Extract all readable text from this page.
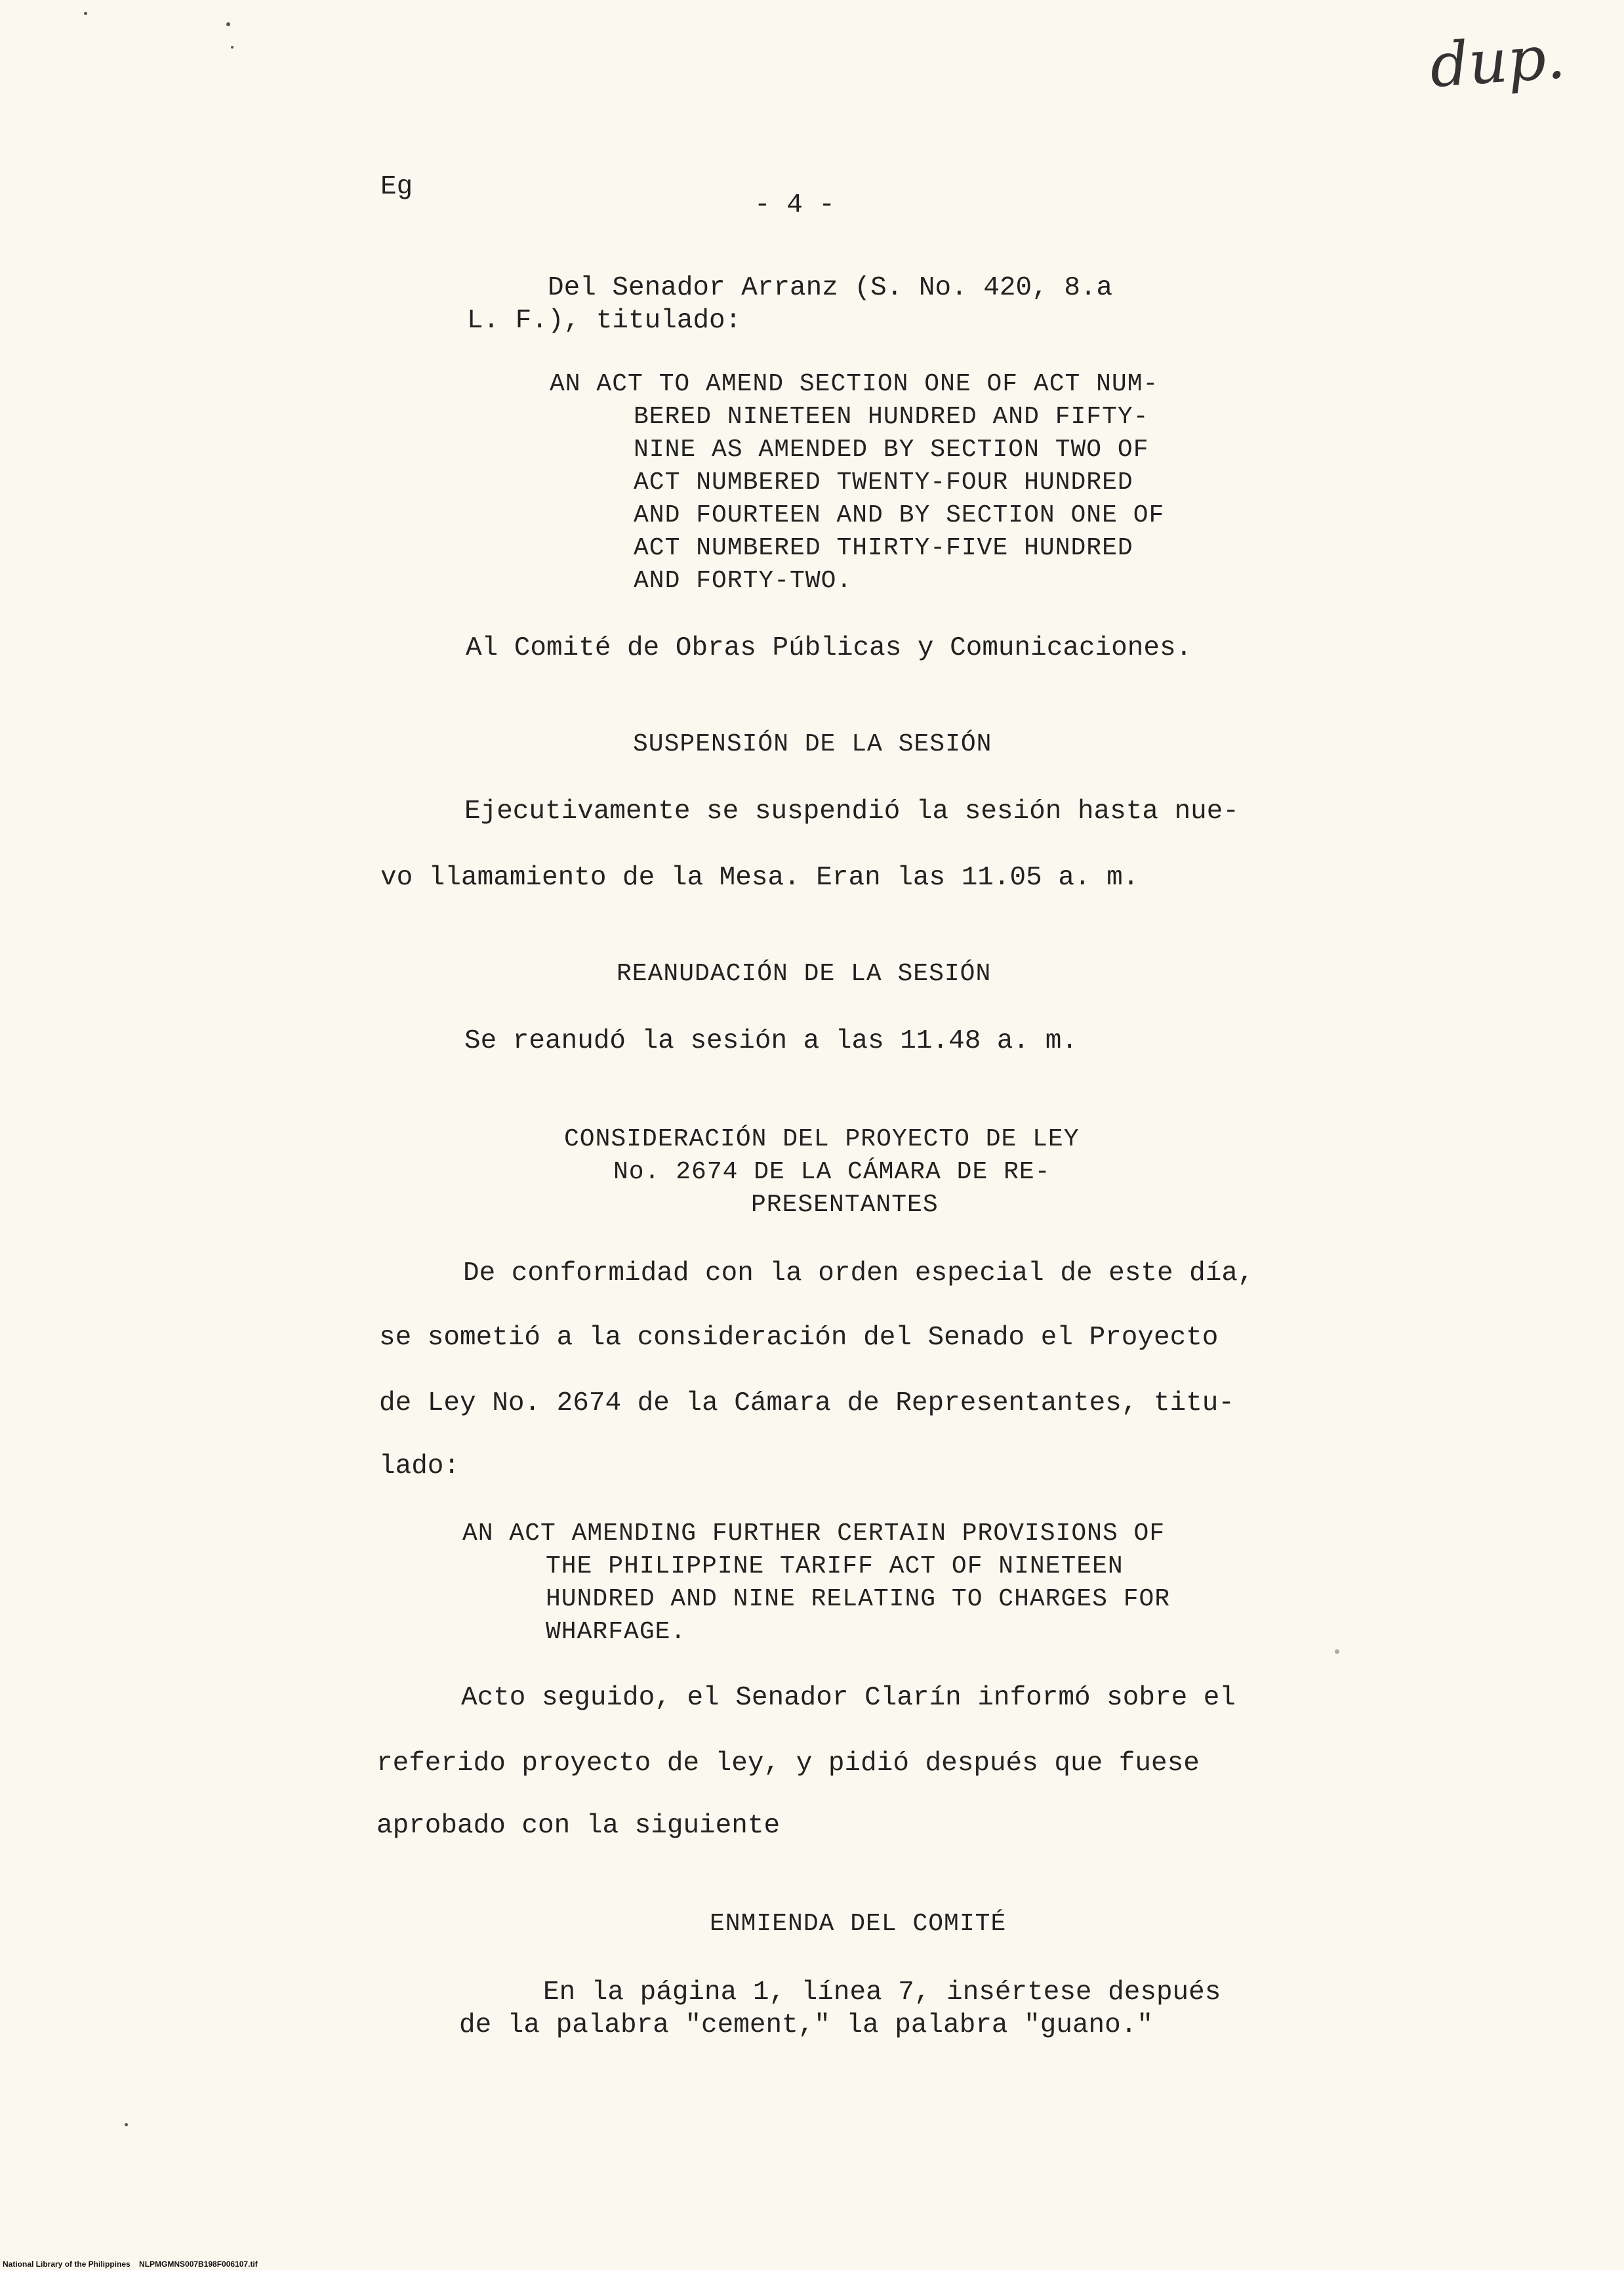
dup.
Eg
- 4 -
Del Senador Arranz (S. No. 420, 8.a
L. F.), titulado:
AN ACT TO AMEND SECTION ONE OF ACT NUM-
BERED NINETEEN HUNDRED AND FIFTY-
NINE AS AMENDED BY SECTION TWO OF
ACT NUMBERED TWENTY-FOUR HUNDRED
AND FOURTEEN AND BY SECTION ONE OF
ACT NUMBERED THIRTY-FIVE HUNDRED
AND FORTY-TWO.
Al Comité de Obras Públicas y Comunicaciones.
SUSPENSIÓN DE LA SESIÓN
Ejecutivamente se suspendió la sesión hasta nue-
vo llamamiento de la Mesa. Eran las 11.05 a. m.
REANUDACIÓN DE LA SESIÓN
Se reanudó la sesión a las 11.48 a. m.
CONSIDERACIÓN DEL PROYECTO DE LEY
No. 2674 DE LA CÁMARA DE RE-
PRESENTANTES
De conformidad con la orden especial de este día,
se sometió a la consideración del Senado el Proyecto
de Ley No. 2674 de la Cámara de Representantes, titu-
lado:
AN ACT AMENDING FURTHER CERTAIN PROVISIONS OF
THE PHILIPPINE TARIFF ACT OF NINETEEN
HUNDRED AND NINE RELATING TO CHARGES FOR
WHARFAGE.
Acto seguido, el Senador Clarín informó sobre el
referido proyecto de ley, y pidió después que fuese
aprobado con la siguiente
ENMIENDA DEL COMITÉ
En la página 1, línea 7, insértese después
de la palabra "cement," la palabra "guano."
National Library of the Philippines    NLPMGMNS007B198F006107.tif
